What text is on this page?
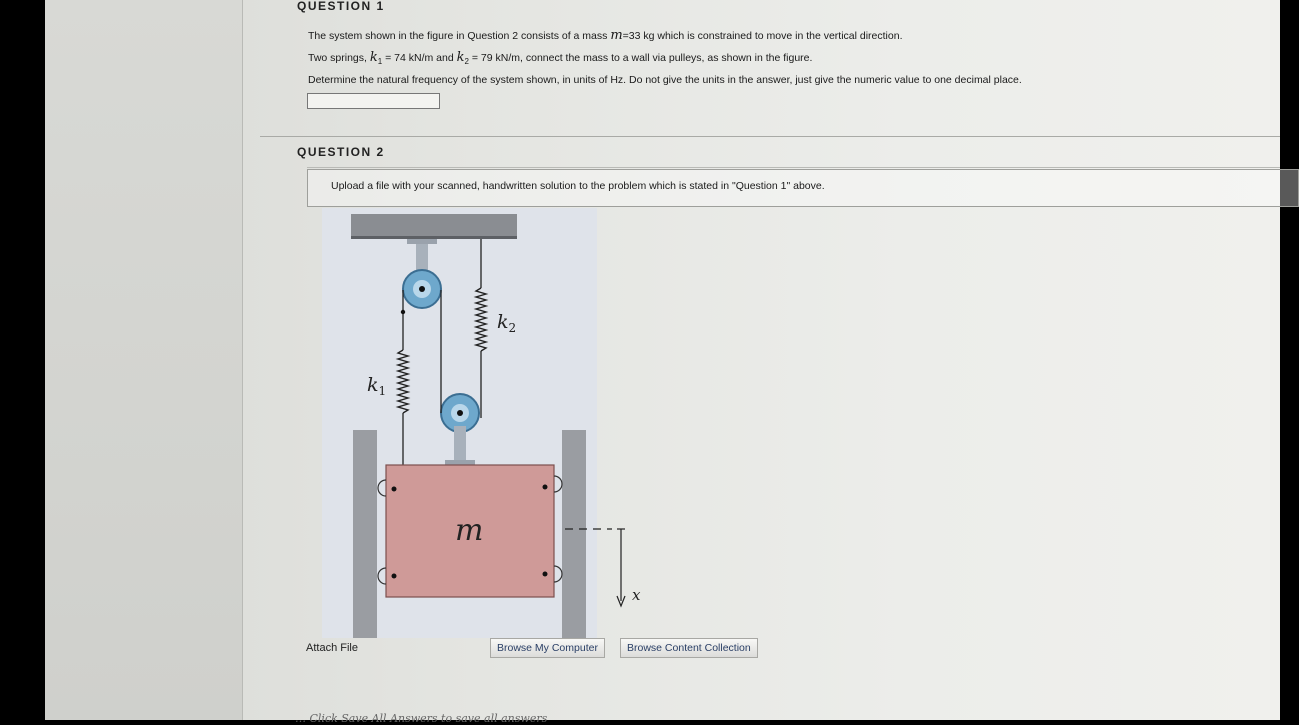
QUESTION 1
The system shown in the figure in Question 2 consists of a mass m=33 kg which is constrained to move in the vertical direction.
Two springs, $k_1 = 74$ kN/m and $k_2 = 79$ kN/m, connect the mass to a wall via pulleys, as shown in the figure.
Determine the natural frequency of the system shown, in units of Hz. Do not give the units in the answer, just give the numeric value to one decimal place.
QUESTION 2
Upload a file with your scanned, handwritten solution to the problem which is stated in "Question 1" above.
$k_2$
$k_1$
m
x
Attach File	Browse My Computer	Browse Content Collection
… Click Save All Answers to save all answers
